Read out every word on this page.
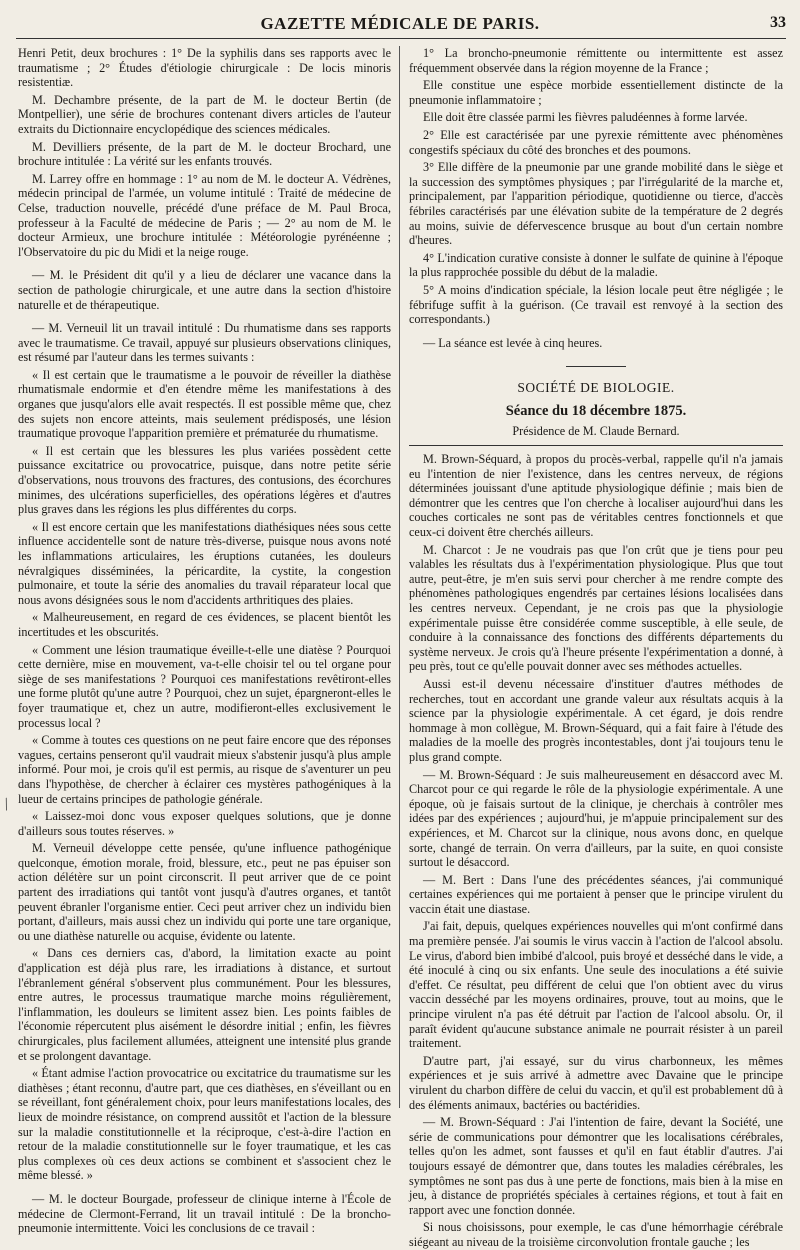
GAZETTE MÉDICALE DE PARIS.	33

Henri Petit, deux brochures : 1° De la syphilis dans ses rapports avec le traumatisme ; 2° Études d'étiologie chirurgicale : De locis minoris resistentiæ.

M. Dechambre présente, de la part de M. le docteur Bertin (de Montpellier), une série de brochures contenant divers articles de l'auteur extraits du Dictionnaire encyclopédique des sciences médicales.

M. Devilliers présente, de la part de M. le docteur Brochard, une brochure intitulée : La vérité sur les enfants trouvés.

M. Larrey offre en hommage : 1° au nom de M. le docteur A. Védrènes, médecin principal de l'armée, un volume intitulé : Traité de médecine de Celse, traduction nouvelle, précédé d'une préface de M. Paul Broca, professeur à la Faculté de médecine de Paris ; — 2° au nom de M. le docteur Armieux, une brochure intitulée : Météorologie pyrénéenne ; l'Observatoire du pic du Midi et la neige rouge.

— M. le Président dit qu'il y a lieu de déclarer une vacance dans la section de pathologie chirurgicale, et une autre dans la section d'histoire naturelle et de thérapeutique.

— M. Verneuil lit un travail intitulé : Du rhumatisme dans ses rapports avec le traumatisme. Ce travail, appuyé sur plusieurs observations cliniques, est résumé par l'auteur dans les termes suivants :

« Il est certain que le traumatisme a le pouvoir de réveiller la diathèse rhumatismale endormie et d'en étendre même les manifestations à des organes que jusqu'alors elle avait respectés. Il est possible même que, chez des sujets non encore atteints, mais seulement prédisposés, une lésion traumatique provoque l'apparition première et prématurée du rhumatisme.

« Il est certain que les blessures les plus variées possèdent cette puissance excitatrice ou provocatrice, puisque, dans notre petite série d'observations, nous trouvons des fractures, des contusions, des écorchures minimes, des ulcérations superficielles, des opérations légères et d'autres plus graves dans les régions les plus différentes du corps.

« Il est encore certain que les manifestations diathésiques nées sous cette influence accidentelle sont de nature très-diverse, puisque nous avons noté les inflammations articulaires, les éruptions cutanées, les douleurs névralgiques disséminées, la péricardite, la cystite, la congestion pulmonaire, et toute la série des anomalies du travail réparateur local que nous avons désignées sous le nom d'accidents arthritiques des plaies.

« Malheureusement, en regard de ces évidences, se placent bientôt les incertitudes et les obscurités.

« Comment une lésion traumatique éveille-t-elle une diatèse ? Pourquoi cette dernière, mise en mouvement, va-t-elle choisir tel ou tel organe pour siège de ses manifestations ? Pourquoi ces manifestations revêtiront-elles une forme plutôt qu'une autre ? Pourquoi, chez un sujet, épargneront-elles le foyer traumatique et, chez un autre, modifieront-elles exclusivement le processus local ?

« Comme à toutes ces questions on ne peut faire encore que des réponses vagues, certains penseront qu'il vaudrait mieux s'abstenir jusqu'à plus ample informé. Pour moi, je crois qu'il est permis, au risque de s'aventurer un peu dans l'hypothèse, de chercher à éclairer ces mystères pathogéniques à la lueur de certains principes de pathologie générale.

« Laissez-moi donc vous exposer quelques solutions, que je donne d'ailleurs sous toutes réserves. »

M. Verneuil développe cette pensée, qu'une influence pathogénique quelconque, émotion morale, froid, blessure, etc., peut ne pas épuiser son action délétère sur un point circonscrit. Il peut arriver que de ce point partent des irradiations qui tantôt vont jusqu'à d'autres organes, et tantôt peuvent ébranler l'organisme entier. Ceci peut arriver chez un individu bien portant, d'ailleurs, mais aussi chez un individu qui porte une tare organique, ou une diathèse naturelle ou acquise, évidente ou latente.

« Dans ces derniers cas, d'abord, la limitation exacte au point d'application est déjà plus rare, les irradiations à distance, et surtout l'ébranlement général s'observent plus communément. Pour les blessures, entre autres, le processus traumatique marche moins régulièrement, l'inflammation, les douleurs se limitent assez bien. Les points faibles de l'économie répercutent plus aisément le désordre initial ; enfin, les fièvres chirurgicales, plus facilement allumées, atteignent une intensité plus grande et se prolongent davantage.

« Étant admise l'action provocatrice ou excitatrice du traumatisme sur les diathèses ; étant reconnu, d'autre part, que ces diathèses, en s'éveillant ou en se réveillant, font généralement choix, pour leurs manifestations locales, des lieux de moindre résistance, on comprend aussitôt et l'action de la blessure sur la maladie constitutionnelle et la réciproque, c'est-à-dire l'action en retour de la maladie constitutionnelle sur le foyer traumatique, et les cas plus complexes où ces deux actions se combinent et s'associent chez le même blessé. »

— M. le docteur Bourgade, professeur de clinique interne à l'École de médecine de Clermont-Ferrand, lit un travail intitulé : De la broncho-pneumonie intermittente. Voici les conclusions de ce travail :

1° La broncho-pneumonie rémittente ou intermittente est assez fréquemment observée dans la région moyenne de la France ;

Elle constitue une espèce morbide essentiellement distincte de la pneumonie inflammatoire ;

Elle doit être classée parmi les fièvres paludéennes à forme larvée.

2° Elle est caractérisée par une pyrexie rémittente avec phénomènes congestifs spéciaux du côté des bronches et des poumons.

3° Elle diffère de la pneumonie par une grande mobilité dans le siège et la succession des symptômes physiques ; par l'irrégularité de la marche et, principalement, par l'apparition périodique, quotidienne ou tierce, d'accès fébriles caractérisés par une élévation subite de la température de 2 degrés au moins, suivie de défervescence brusque au bout d'un certain nombre d'heures.

4° L'indication curative consiste à donner le sulfate de quinine à l'époque la plus rapprochée possible du début de la maladie.

5° A moins d'indication spéciale, la lésion locale peut être négligée ; le fébrifuge suffit à la guérison. (Ce travail est renvoyé à la section des correspondants.)

— La séance est levée à cinq heures.

SOCIÉTÉ DE BIOLOGIE.
Séance du 18 décembre 1875.
Présidence de M. Claude Bernard.

M. Brown-Séquard, à propos du procès-verbal, rappelle qu'il n'a jamais eu l'intention de nier l'existence, dans les centres nerveux, de régions déterminées jouissant d'une aptitude physiologique définie ; mais bien de démontrer que les centres que l'on cherche à localiser aujourd'hui dans les couches corticales ne sont pas de véritables centres fonctionnels et que ceux-ci doivent être cherchés ailleurs.

M. Charcot : Je ne voudrais pas que l'on crût que je tiens pour peu valables les résultats dus à l'expérimentation physiologique. Plus que tout autre, peut-être, je m'en suis servi pour chercher à me rendre compte des phénomènes pathologiques engendrés par certaines lésions localisées dans les centres nerveux. Cependant, je ne crois pas que la physiologie expérimentale puisse être considérée comme susceptible, à elle seule, de conduire à la connaissance des fonctions des différents départements du système nerveux. Je crois qu'à l'heure présente l'expérimentation a donné, à peu près, tout ce qu'elle pouvait donner avec ses méthodes actuelles.

Aussi est-il devenu nécessaire d'instituer d'autres méthodes de recherches, tout en accordant une grande valeur aux résultats acquis à la science par la physiologie expérimentale. A cet égard, je dois rendre hommage à mon collègue, M. Brown-Séquard, qui a fait faire à l'étude des maladies de la moelle des progrès incontestables, dont j'ai toujours tenu le plus grand compte.

— M. Brown-Séquard : Je suis malheureusement en désaccord avec M. Charcot pour ce qui regarde le rôle de la physiologie expérimentale. A une époque, où je faisais surtout de la clinique, je cherchais à contrôler mes idées par des expériences ; aujourd'hui, je m'appuie principalement sur des expériences, et M. Charcot sur la clinique, nous avons donc, en quelque sorte, changé de terrain. On verra d'ailleurs, par la suite, en quoi consiste surtout le désaccord.

— M. Bert : Dans l'une des précédentes séances, j'ai communiqué certaines expériences qui me portaient à penser que le principe virulent du vaccin était une diastase.

J'ai fait, depuis, quelques expériences nouvelles qui m'ont confirmé dans ma première pensée. J'ai soumis le virus vaccin à l'action de l'alcool absolu. Le virus, d'abord bien imbibé d'alcool, puis broyé et desséché dans le vide, a été inoculé à cinq ou six enfants. Une seule des inoculations a été suivie d'effet. Ce résultat, peu différent de celui que l'on obtient avec du virus vaccin desséché par les moyens ordinaires, prouve, tout au moins, que le principe virulent n'a pas été détruit par l'action de l'alcool absolu. Or, il paraît évident qu'aucune substance animale ne pourrait résister à un pareil traitement.

D'autre part, j'ai essayé, sur du virus charbonneux, les mêmes expériences et je suis arrivé à admettre avec Davaine que le principe virulent du charbon diffère de celui du vaccin, et qu'il est probablement dû à des éléments animaux, bactéries ou bactéridies.

— M. Brown-Séquard : J'ai l'intention de faire, devant la Société, une série de communications pour démontrer que les localisations cérébrales, telles qu'on les admet, sont fausses et qu'il en faut établir d'autres. J'ai toujours essayé de démontrer que, dans toutes les maladies cérébrales, les symptômes ne sont pas dus à une perte de fonctions, mais bien à la mise en jeu, à distance de propriétés spéciales à certaines régions, et tout à fait en rapport avec une fonction donnée.

Si nous choisissons, pour exemple, le cas d'une hémorrhagie cérébrale siégeant au niveau de la troisième circonvolution frontale gauche ; les

/
